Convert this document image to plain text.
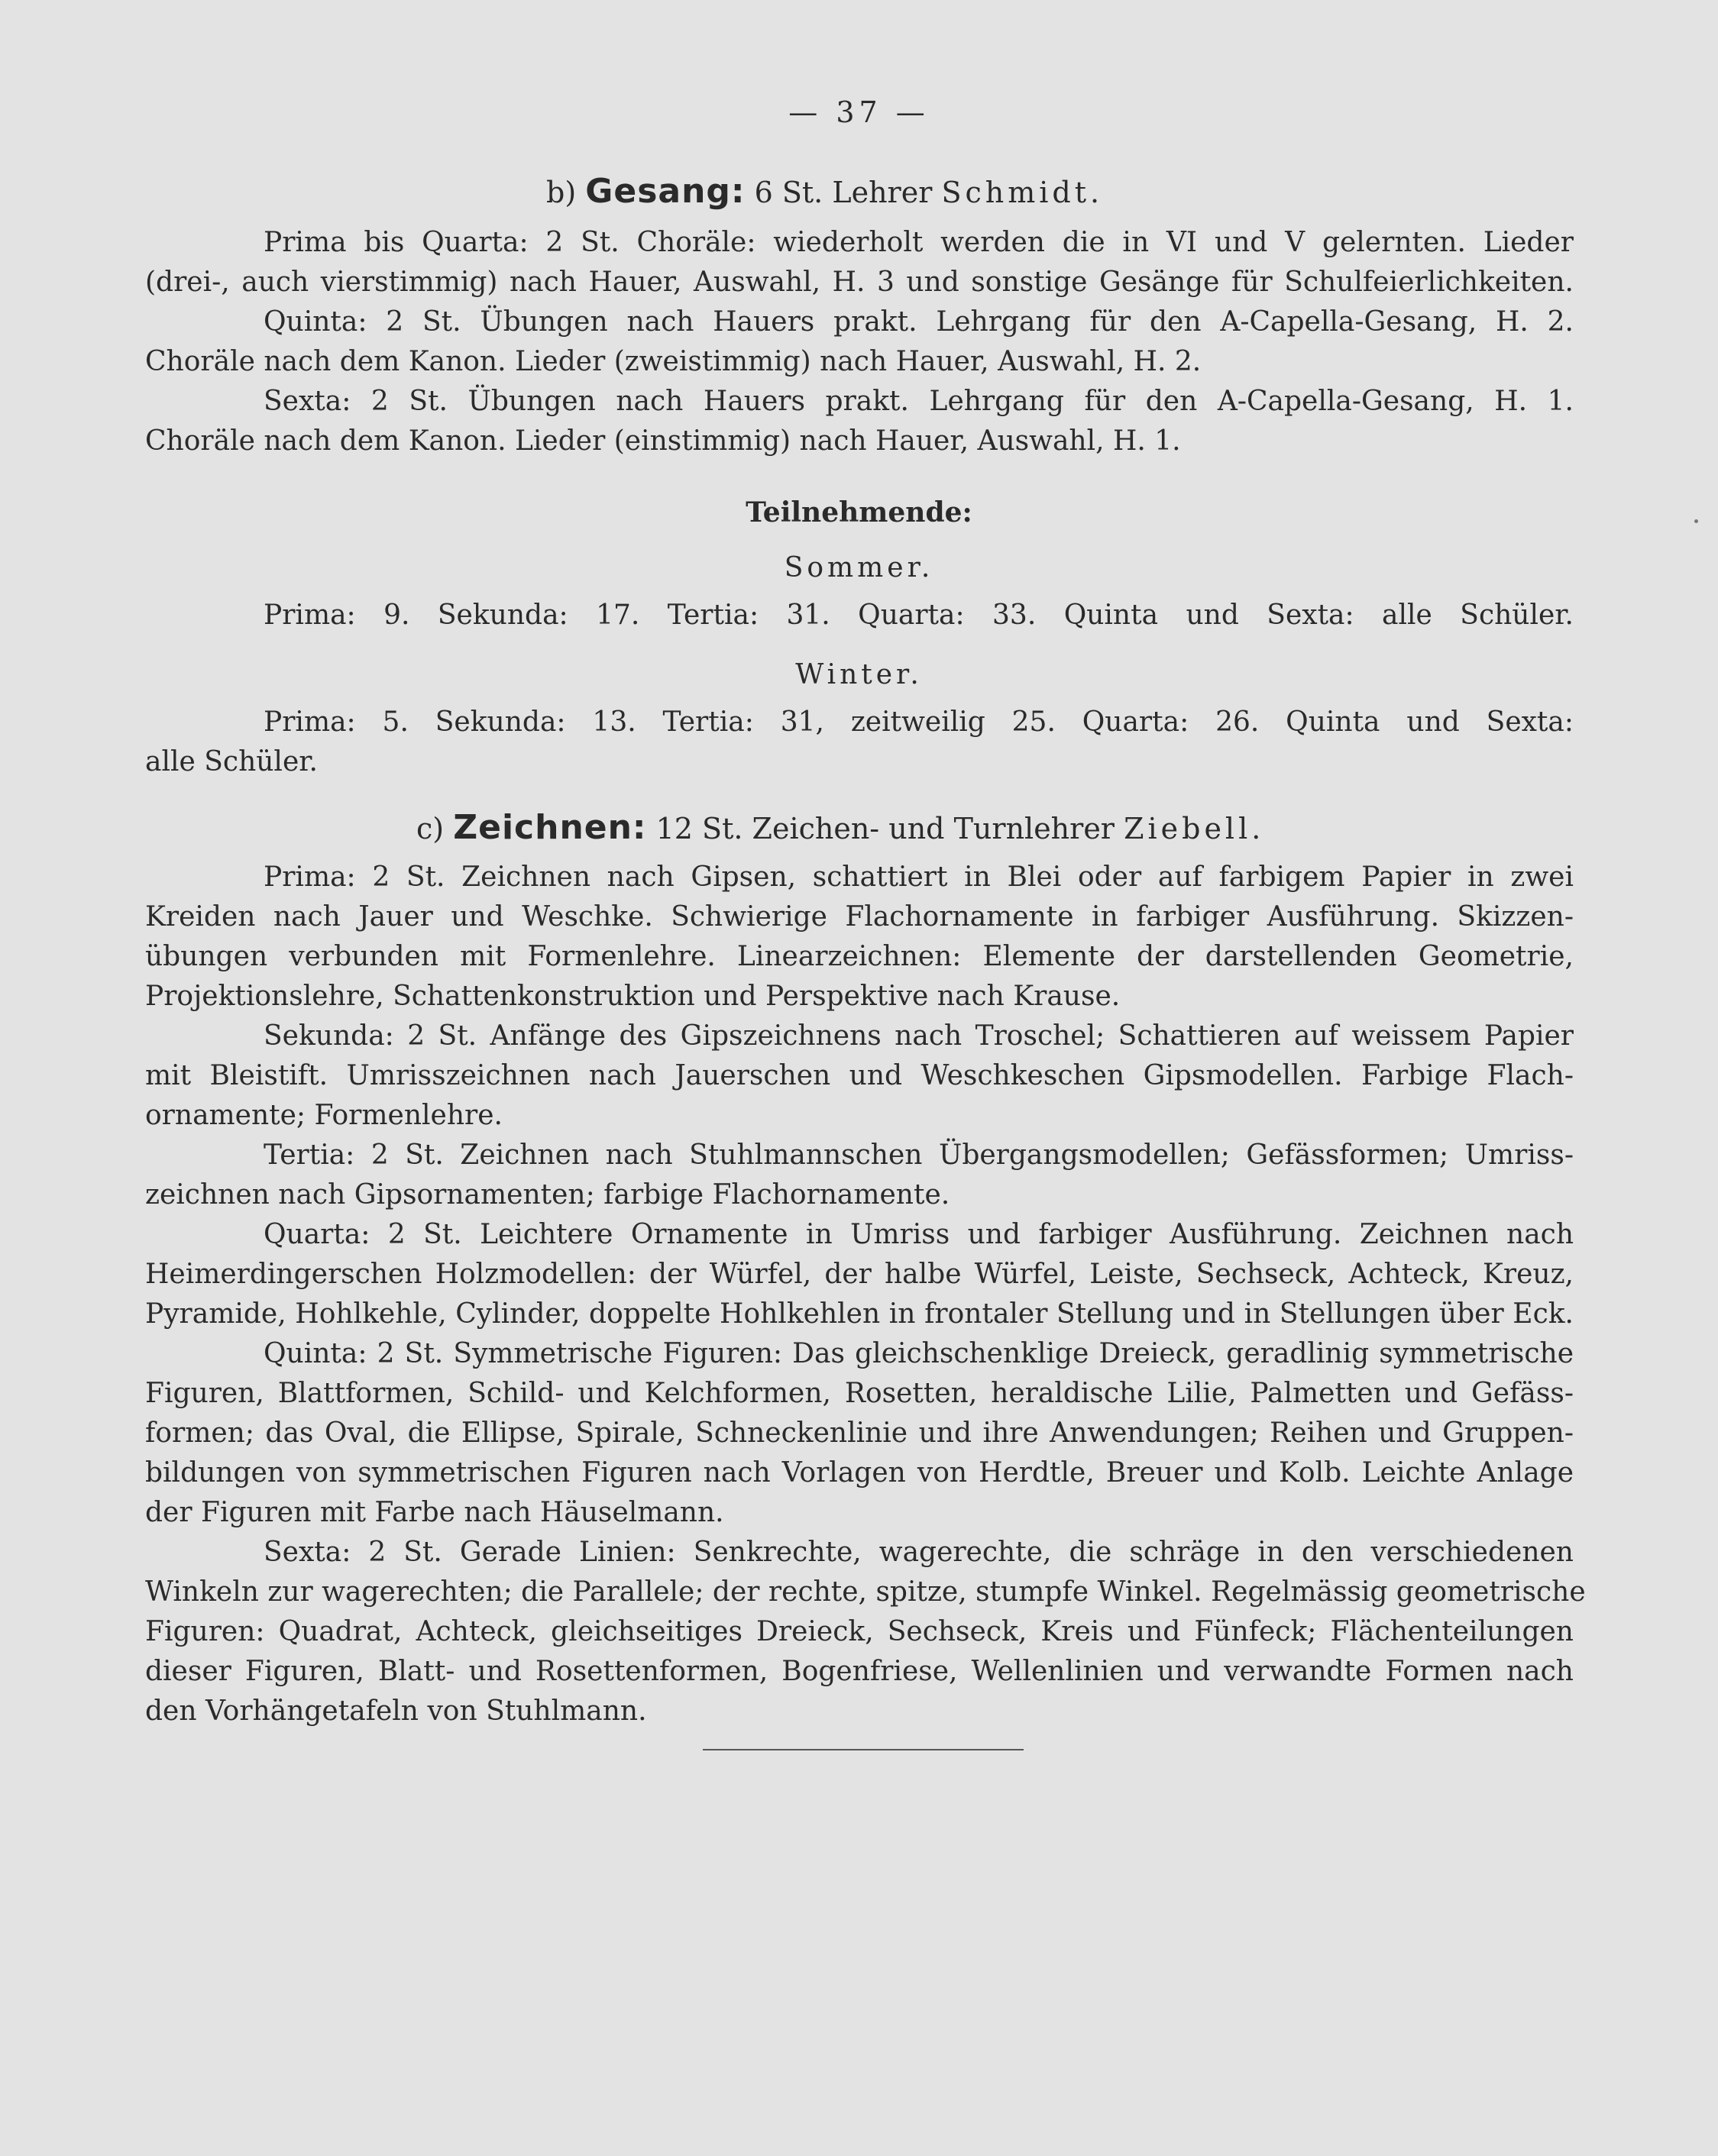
— 37 —
b) Gesang: 6 St. Lehrer Schmidt.
Prima bis Quarta: 2 St. Choräle: wiederholt werden die in VI und V gelernten. Lieder
(drei-, auch vierstimmig) nach Hauer, Auswahl, H. 3 und sonstige Gesänge für Schulfeierlichkeiten.
Quinta: 2 St. Übungen nach Hauers prakt. Lehrgang für den A-Capella-Gesang, H. 2.
Choräle nach dem Kanon. Lieder (zweistimmig) nach Hauer, Auswahl, H. 2.
Sexta: 2 St. Übungen nach Hauers prakt. Lehrgang für den A-Capella-Gesang, H. 1.
Choräle nach dem Kanon. Lieder (einstimmig) nach Hauer, Auswahl, H. 1.
Teilnehmende:
Sommer.
Prima: 9. Sekunda: 17. Tertia: 31. Quarta: 33. Quinta und Sexta: alle Schüler.
Winter.
Prima: 5. Sekunda: 13. Tertia: 31, zeitweilig 25. Quarta: 26. Quinta und Sexta:
alle Schüler.
c) Zeichnen: 12 St. Zeichen- und Turnlehrer Ziebell.
Prima: 2 St. Zeichnen nach Gipsen, schattiert in Blei oder auf farbigem Papier in zwei
Kreiden nach Jauer und Weschke. Schwierige Flachornamente in farbiger Ausführung. Skizzen-
übungen verbunden mit Formenlehre. Linearzeichnen: Elemente der darstellenden Geometrie,
Projektionslehre, Schattenkonstruktion und Perspektive nach Krause.
Sekunda: 2 St. Anfänge des Gipszeichnens nach Troschel; Schattieren auf weissem Papier
mit Bleistift. Umrisszeichnen nach Jauerschen und Weschkeschen Gipsmodellen. Farbige Flach-
ornamente; Formenlehre.
Tertia: 2 St. Zeichnen nach Stuhlmannschen Übergangsmodellen; Gefässformen; Umriss-
zeichnen nach Gipsornamenten; farbige Flachornamente.
Quarta: 2 St. Leichtere Ornamente in Umriss und farbiger Ausführung. Zeichnen nach
Heimerdingerschen Holzmodellen: der Würfel, der halbe Würfel, Leiste, Sechseck, Achteck, Kreuz,
Pyramide, Hohlkehle, Cylinder, doppelte Hohlkehlen in frontaler Stellung und in Stellungen über Eck.
Quinta: 2 St. Symmetrische Figuren: Das gleichschenklige Dreieck, geradlinig symmetrische
Figuren, Blattformen, Schild- und Kelchformen, Rosetten, heraldische Lilie, Palmetten und Gefäss-
formen; das Oval, die Ellipse, Spirale, Schneckenlinie und ihre Anwendungen; Reihen und Gruppen-
bildungen von symmetrischen Figuren nach Vorlagen von Herdtle, Breuer und Kolb. Leichte Anlage
der Figuren mit Farbe nach Häuselmann.
Sexta: 2 St. Gerade Linien: Senkrechte, wagerechte, die schräge in den verschiedenen
Winkeln zur wagerechten; die Parallele; der rechte, spitze, stumpfe Winkel. Regelmässig geometrische
Figuren: Quadrat, Achteck, gleichseitiges Dreieck, Sechseck, Kreis und Fünfeck; Flächenteilungen
dieser Figuren, Blatt- und Rosettenformen, Bogenfriese, Wellenlinien und verwandte Formen nach
den Vorhängetafeln von Stuhlmann.
